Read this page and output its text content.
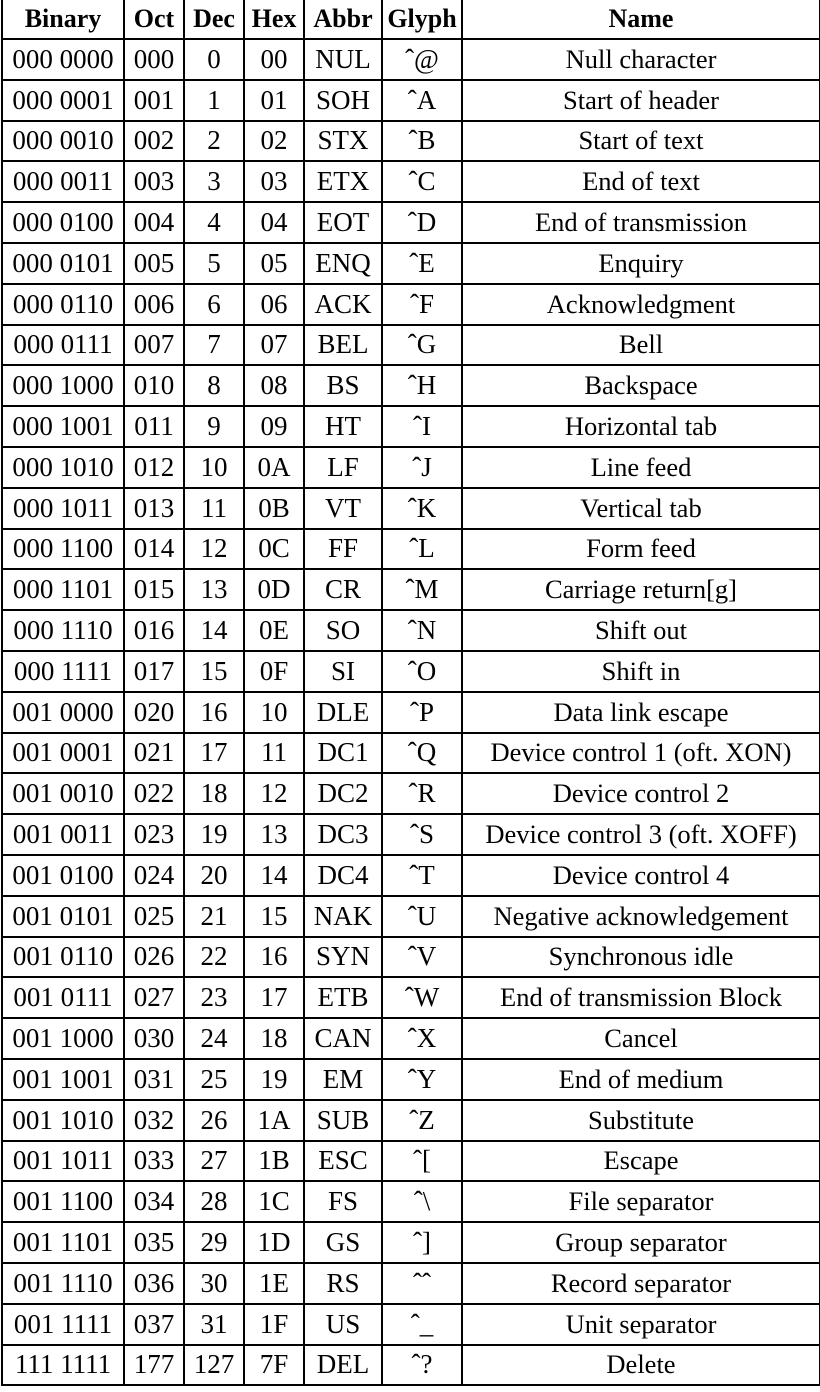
Binary	Oct	Dec	Hex	Abbr	Glyph	Name
000 0000	000	0	00	NUL	ˆ@	Null character
000 0001	001	1	01	SOH	ˆA	Start of header
000 0010	002	2	02	STX	ˆB	Start of text
000 0011	003	3	03	ETX	ˆC	End of text
000 0100	004	4	04	EOT	ˆD	End of transmission
000 0101	005	5	05	ENQ	ˆE	Enquiry
000 0110	006	6	06	ACK	ˆF	Acknowledgment
000 0111	007	7	07	BEL	ˆG	Bell
000 1000	010	8	08	BS	ˆH	Backspace
000 1001	011	9	09	HT	ˆI	Horizontal tab
000 1010	012	10	0A	LF	ˆJ	Line feed
000 1011	013	11	0B	VT	ˆK	Vertical tab
000 1100	014	12	0C	FF	ˆL	Form feed
000 1101	015	13	0D	CR	ˆM	Carriage return[g]
000 1110	016	14	0E	SO	ˆN	Shift out
000 1111	017	15	0F	SI	ˆO	Shift in
001 0000	020	16	10	DLE	ˆP	Data link escape
001 0001	021	17	11	DC1	ˆQ	Device control 1 (oft. XON)
001 0010	022	18	12	DC2	ˆR	Device control 2
001 0011	023	19	13	DC3	ˆS	Device control 3 (oft. XOFF)
001 0100	024	20	14	DC4	ˆT	Device control 4
001 0101	025	21	15	NAK	ˆU	Negative acknowledgement
001 0110	026	22	16	SYN	ˆV	Synchronous idle
001 0111	027	23	17	ETB	ˆW	End of transmission Block
001 1000	030	24	18	CAN	ˆX	Cancel
001 1001	031	25	19	EM	ˆY	End of medium
001 1010	032	26	1A	SUB	ˆZ	Substitute
001 1011	033	27	1B	ESC	ˆ[	Escape
001 1100	034	28	1C	FS	ˆ\	File separator
001 1101	035	29	1D	GS	ˆ]	Group separator
001 1110	036	30	1E	RS	ˆˆ	Record separator
001 1111	037	31	1F	US	ˆ_	Unit separator
111 1111	177	127	7F	DEL	ˆ?	Delete
